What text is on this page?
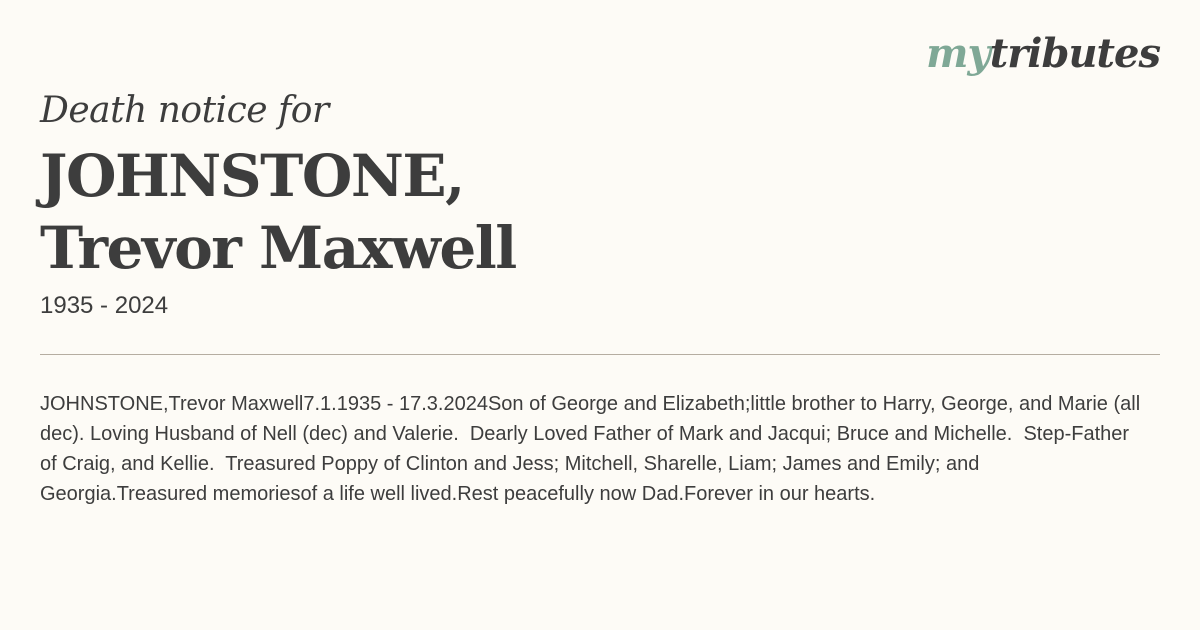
mytributes
Death notice for
JOHNSTONE,
Trevor Maxwell
1935 - 2024
JOHNSTONE,Trevor Maxwell7.1.1935 - 17.3.2024Son of George and Elizabeth;little brother to Harry, George, and Marie (all dec). Loving Husband of Nell (dec) and Valerie.  Dearly Loved Father of Mark and Jacqui; Bruce and Michelle.  Step-Father of Craig, and Kellie.  Treasured Poppy of Clinton and Jess; Mitchell, Sharelle, Liam; James and Emily; and Georgia.Treasured memoriesof a life well lived.Rest peacefully now Dad.Forever in our hearts.
